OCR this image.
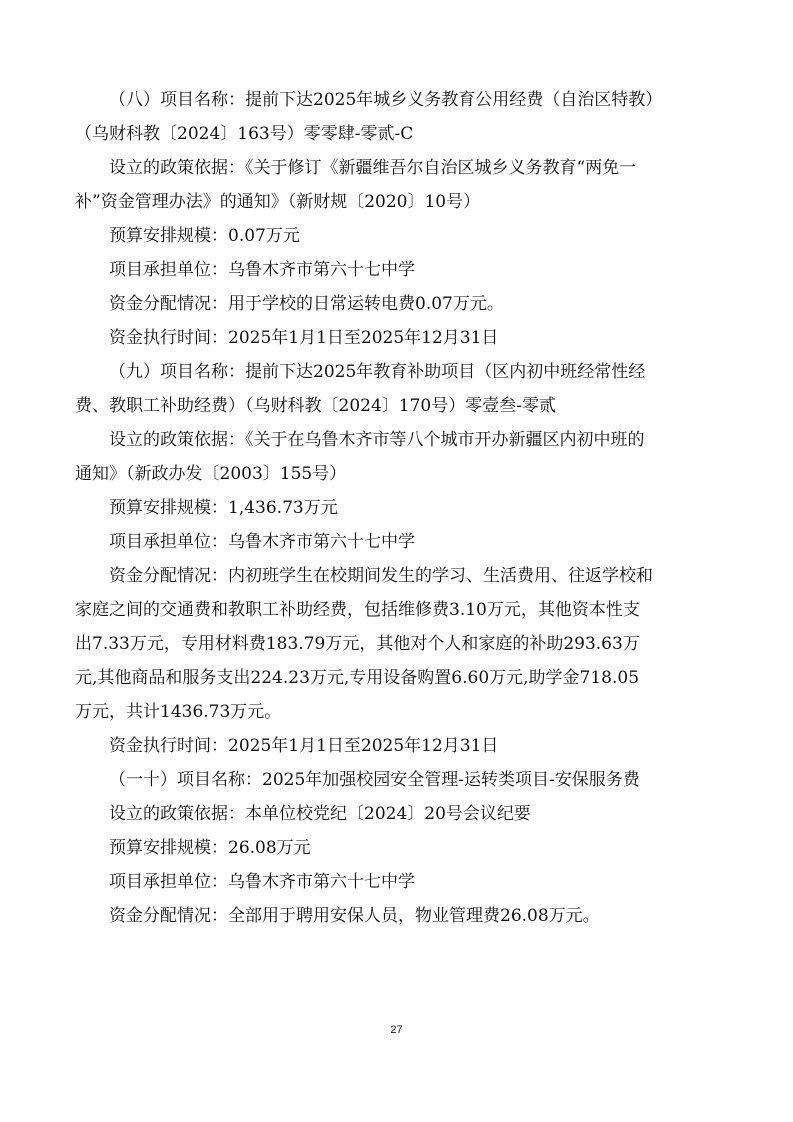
（八）项目名称：提前下达2025年城乡义务教育公用经费（自治区特教）
（乌财科教〔2024〕163号）零零肆-零贰-C

设立的政策依据：《关于修订《新疆维吾尔自治区城乡义务教育“两免一
补”资金管理办法》的通知》（新财规〔2020〕10号）

预算安排规模：0.07万元

项目承担单位：乌鲁木齐市第六十七中学

资金分配情况：用于学校的日常运转电费0.07万元。

资金执行时间：2025年1月1日至2025年12月31日

（九）项目名称：提前下达2025年教育补助项目（区内初中班经常性经
费、教职工补助经费）（乌财科教〔2024〕170号）零壹叁-零贰

设立的政策依据：《关于在乌鲁木齐市等八个城市开办新疆区内初中班的
通知》（新政办发〔2003〕155号）

预算安排规模：1,436.73万元

项目承担单位：乌鲁木齐市第六十七中学

资金分配情况：内初班学生在校期间发生的学习、生活费用、往返学校和
家庭之间的交通费和教职工补助经费，包括维修费3.10万元，其他资本性支
出7.33万元，专用材料费183.79万元，其他对个人和家庭的补助293.63万
元,其他商品和服务支出224.23万元,专用设备购置6.60万元,助学金718.05
万元，共计1436.73万元。

资金执行时间：2025年1月1日至2025年12月31日

（一十）项目名称：2025年加强校园安全管理-运转类项目-安保服务费

设立的政策依据：本单位校党纪〔2024〕20号会议纪要

预算安排规模：26.08万元

项目承担单位：乌鲁木齐市第六十七中学

资金分配情况：全部用于聘用安保人员，物业管理费26.08万元。

27
